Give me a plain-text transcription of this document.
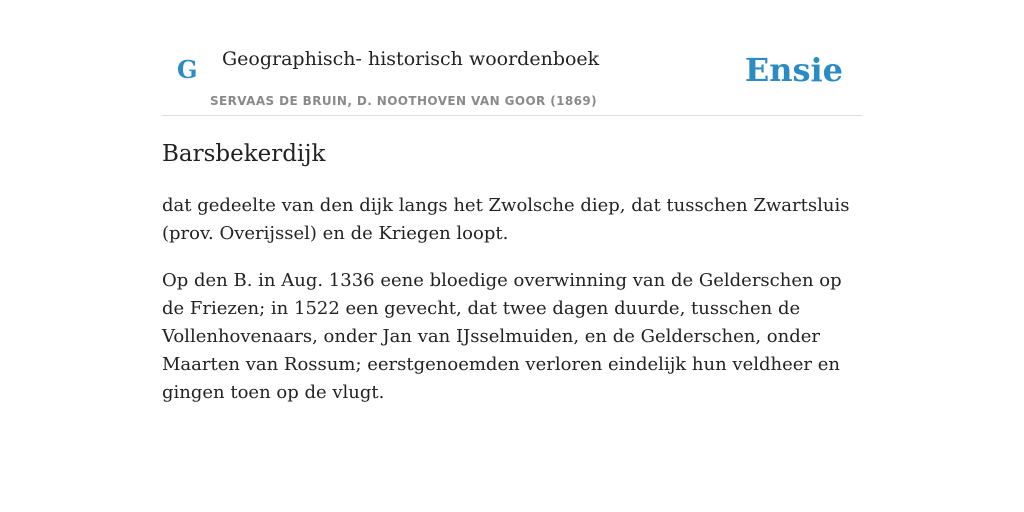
G Geographisch- historisch woordenboek
SERVAAS DE BRUIN, D. NOOTHOVEN VAN GOOR (1869)
Ensie
Barsbekerdijk

dat gedeelte van den dijk langs het Zwolsche diep, dat tusschen Zwartsluis (prov. Overijssel) en de Kriegen loopt.

Op den B. in Aug. 1336 eene bloedige overwinning van de Gelderschen op de Friezen; in 1522 een gevecht, dat twee dagen duurde, tusschen de Vollenhovenaars, onder Jan van IJsselmuiden, en de Gelderschen, onder Maarten van Rossum; eerstgenoemden verloren eindelijk hun veldheer en gingen toen op de vlugt.
